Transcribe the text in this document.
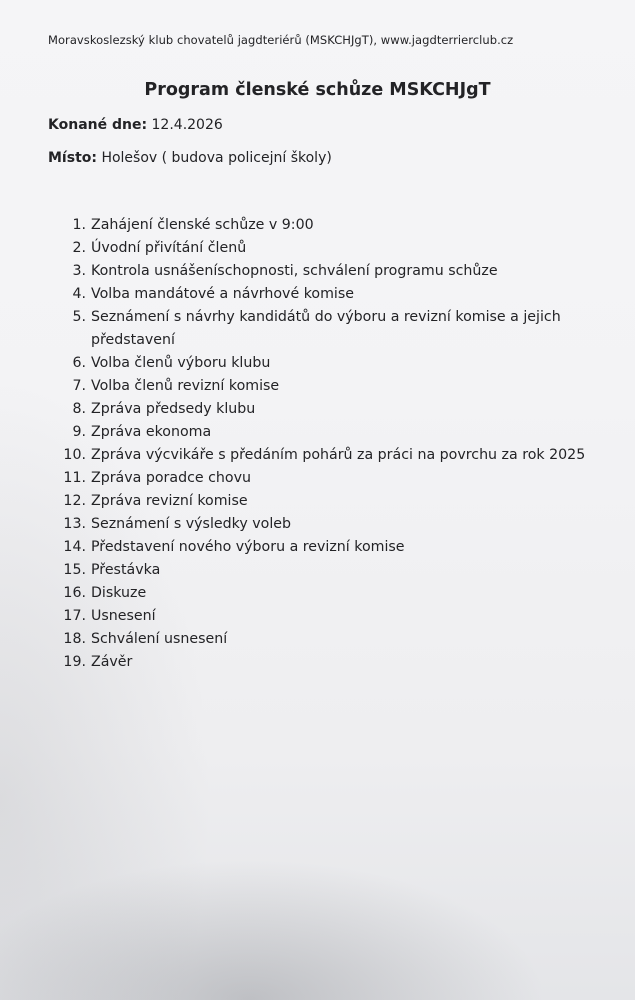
Moravskoslezský klub chovatelů jagdteriérů (MSKCHJgT), www.jagdterrierclub.cz
Program členské schůze MSKCHJgT
Konané dne: 12.4.2026
Místo: Holešov ( budova policejní školy)
1. Zahájení členské schůze v 9:00
2. Úvodní přivítání členů
3. Kontrola usnášeníschopnosti, schválení programu schůze
4. Volba mandátové a návrhové komise
5. Seznámení s návrhy kandidátů do výboru a revizní komise a jejich představení
6. Volba členů výboru klubu
7. Volba členů revizní komise
8. Zpráva předsedy klubu
9. Zpráva ekonoma
10. Zpráva výcvikáře s předáním pohárů za práci na povrchu za rok 2025
11. Zpráva poradce chovu
12. Zpráva revizní komise
13. Seznámení s výsledky voleb
14. Představení nového výboru a revizní komise
15. Přestávka
16. Diskuze
17. Usnesení
18. Schválení usnesení
19. Závěr
